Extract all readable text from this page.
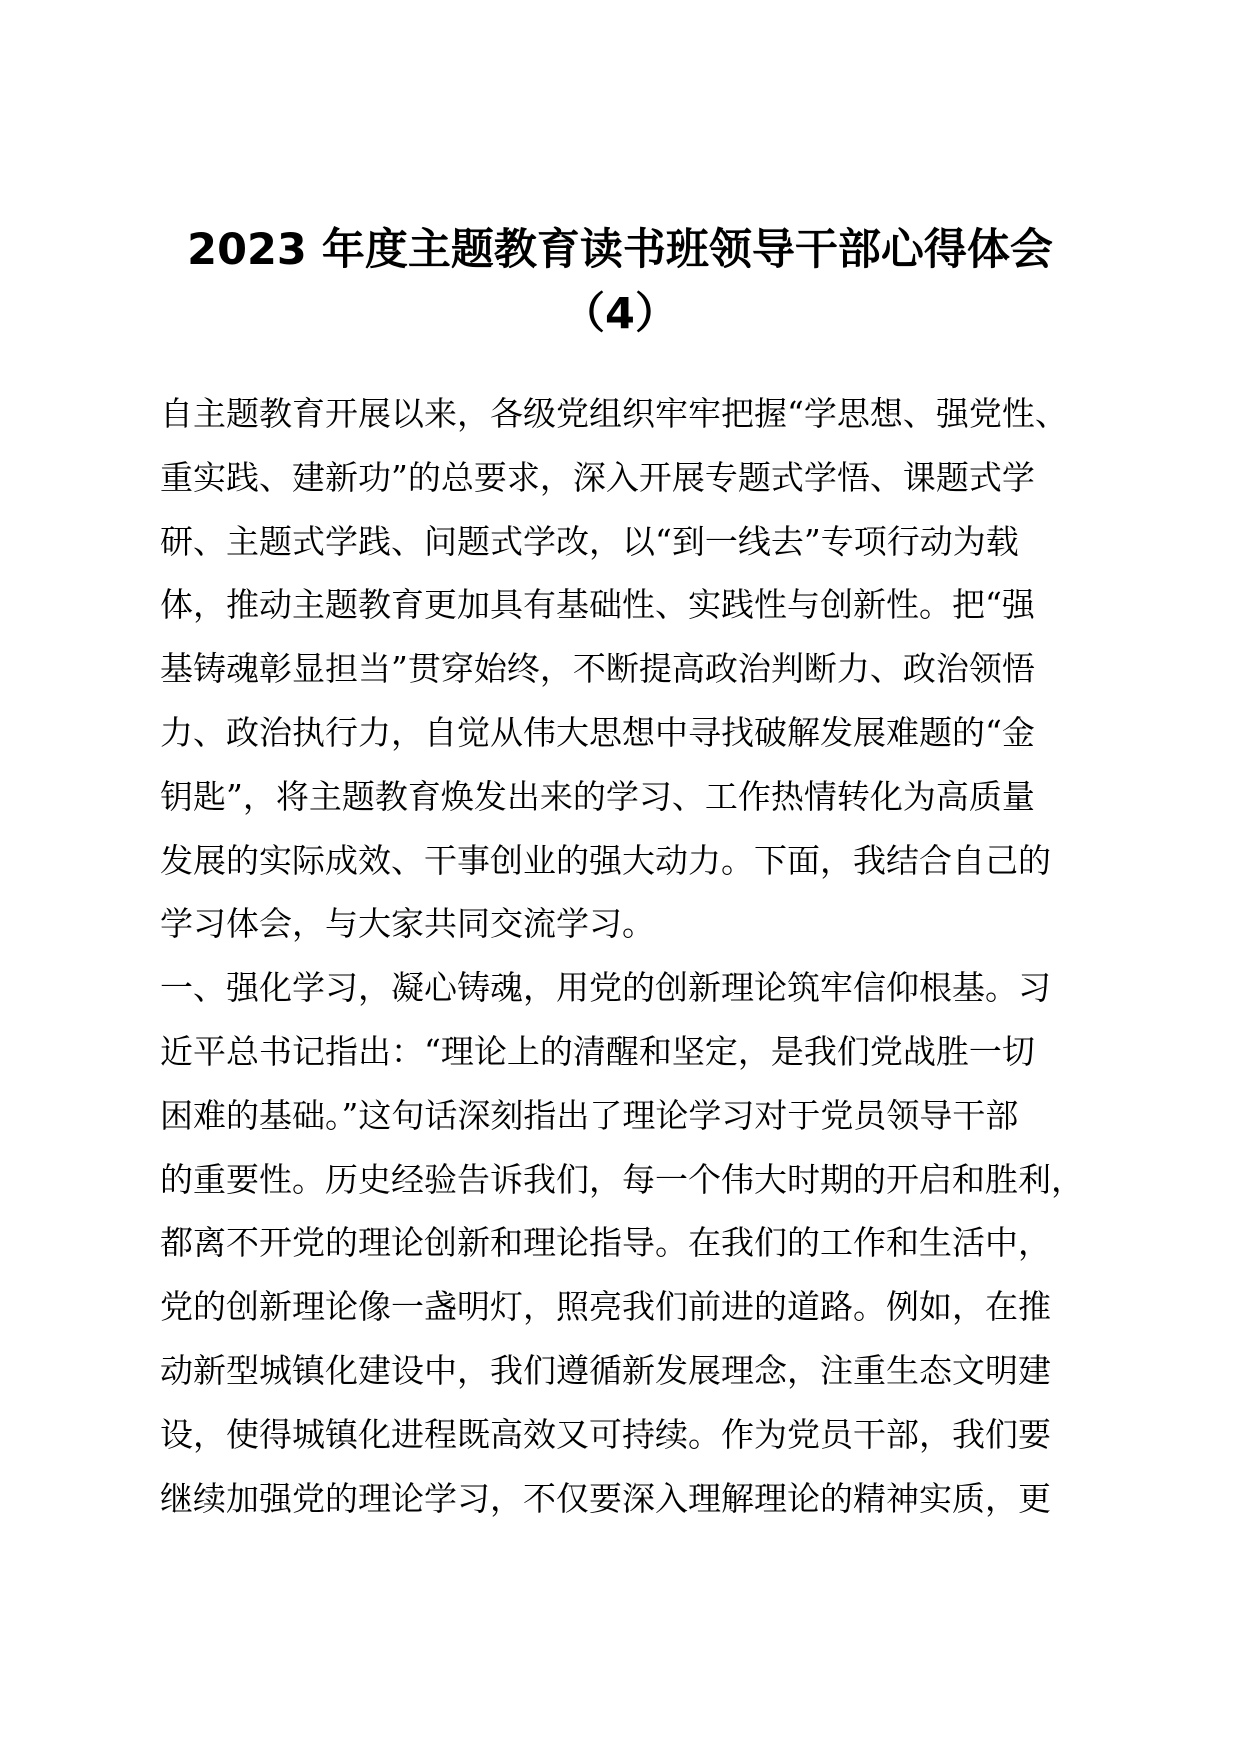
2023 年度主题教育读书班领导干部心得体会
（4）
自主题教育开展以来，各级党组织牢牢把握“学思想、强党性、
重实践、建新功”的总要求，深入开展专题式学悟、课题式学
研、主题式学践、问题式学改，以“到一线去”专项行动为载
体，推动主题教育更加具有基础性、实践性与创新性。把“强
基铸魂彰显担当”贯穿始终，不断提高政治判断力、政治领悟
力、政治执行力，自觉从伟大思想中寻找破解发展难题的“金
钥匙”，将主题教育焕发出来的学习、工作热情转化为高质量
发展的实际成效、干事创业的强大动力。下面，我结合自己的
学习体会，与大家共同交流学习。
一、强化学习，凝心铸魂，用党的创新理论筑牢信仰根基。习
近平总书记指出：“理论上的清醒和坚定，是我们党战胜一切
困难的基础。”这句话深刻指出了理论学习对于党员领导干部
的重要性。历史经验告诉我们，每一个伟大时期的开启和胜利，
都离不开党的理论创新和理论指导。在我们的工作和生活中，
党的创新理论像一盏明灯，照亮我们前进的道路。例如，在推
动新型城镇化建设中，我们遵循新发展理念，注重生态文明建
设，使得城镇化进程既高效又可持续。作为党员干部，我们要
继续加强党的理论学习，不仅要深入理解理论的精神实质，更
